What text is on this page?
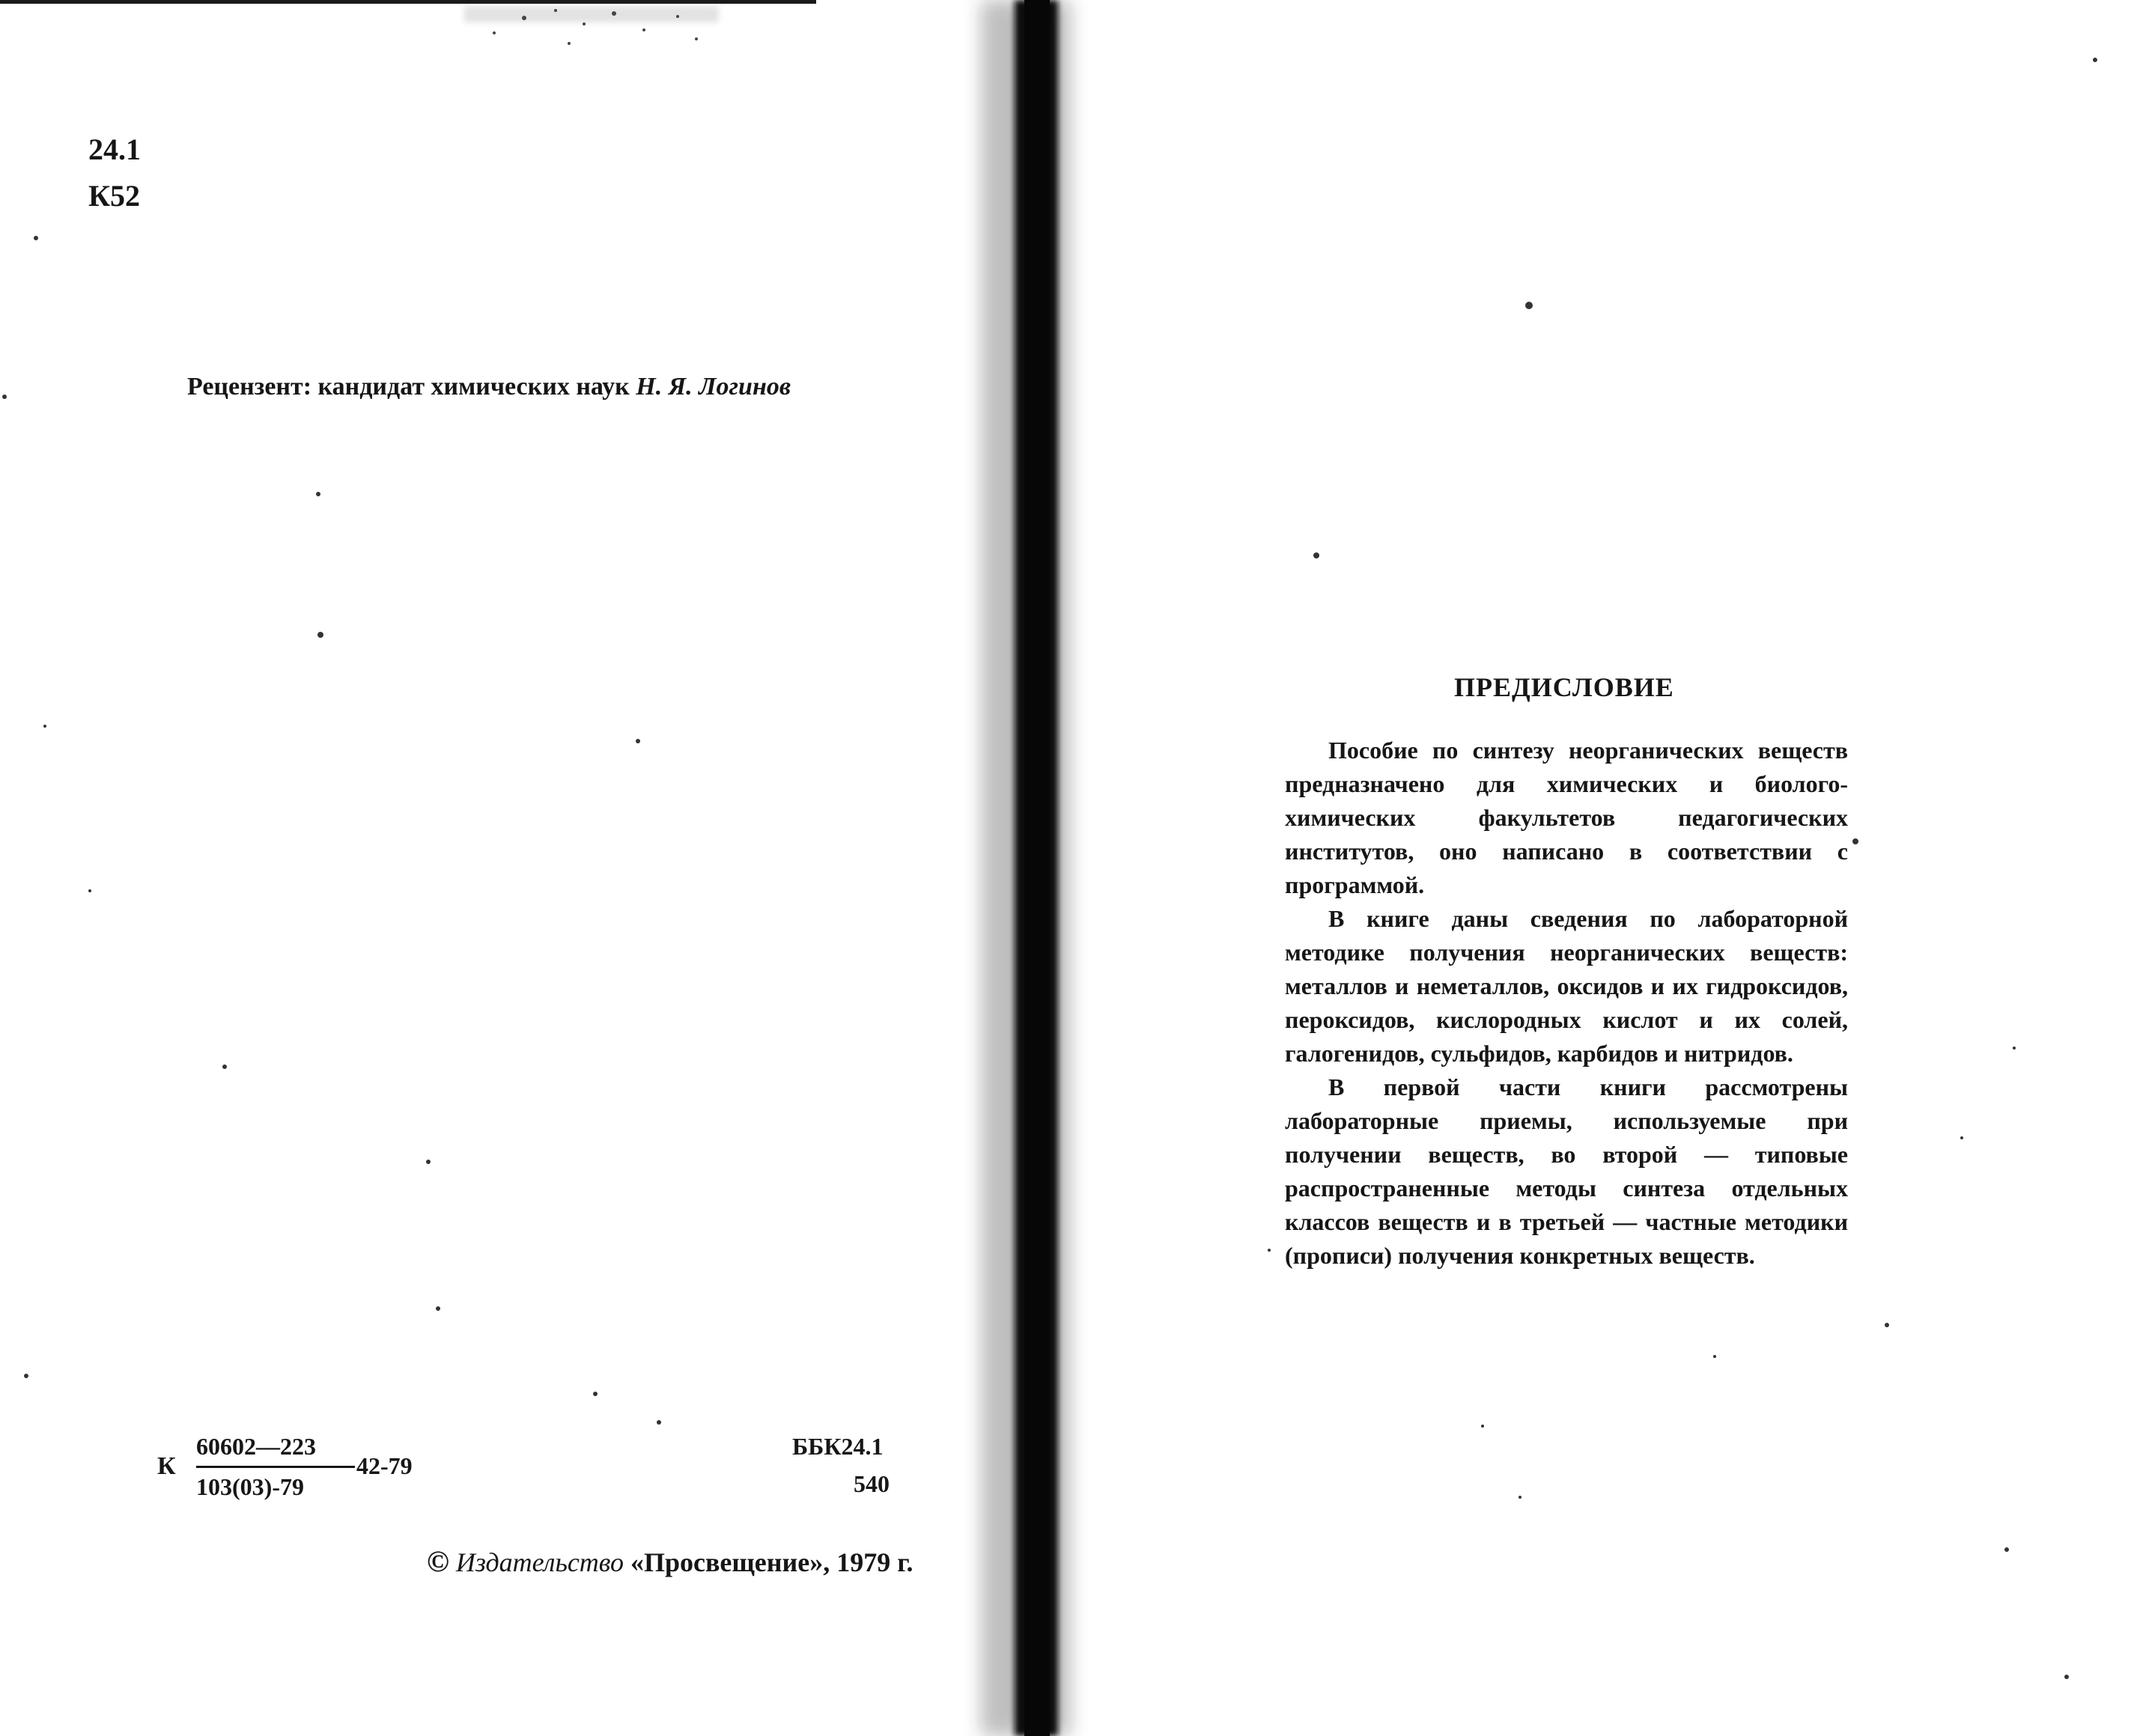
24.1

К52

Рецензент: кандидат химических наук Н. Я. Логинов

К

60602—223

103(03)-79

42-79

ББК24.1

540

© Издательство «Просвещение», 1979 г.

ПРЕДИСЛОВИЕ

Пособие по синтезу неорганических веществ предназначено для химических и биолого-химических факультетов педагогических институтов, оно написано в соответствии с программой.

В книге даны сведения по лабораторной методике получения неорганических веществ: металлов и неметаллов, оксидов и их гидроксидов, пероксидов, кислородных кислот и их солей, галогенидов, сульфидов, карбидов и нитридов.

В первой части книги рассмотрены лабораторные приемы, используемые при получении веществ, во второй — типовые распространенные методы синтеза отдельных классов веществ и в третьей — частные методики (прописи) получения конкретных веществ.
